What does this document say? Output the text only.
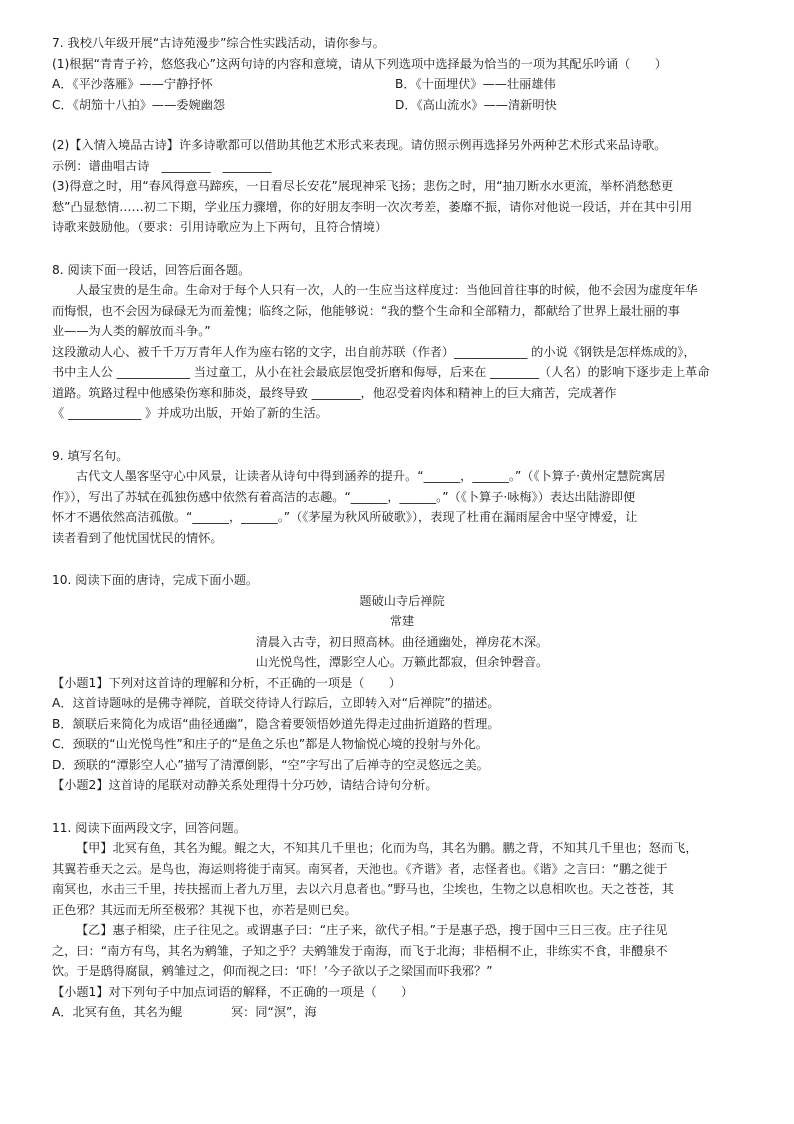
7. 我校八年级开展“古诗苑漫步”综合性实践活动，请你参与。
(1)根据“青青子衿，悠悠我心”这两句诗的内容和意境，请从下列选项中选择最为恰当的一项为其配乐吟诵（　　）
A．《平沙落雁》——宁静抒怀	B．《十面埋伏》——壮丽雄伟
C．《胡笳十八拍》——委婉幽怨	D．《高山流水》——清新明快
(2)【入情入境品古诗】许多诗歌都可以借助其他艺术形式来表现。请仿照示例再选择另外两种艺术形式来品诗歌。
示例：谱曲唱古诗　________　________
(3)得意之时，用“春风得意马蹄疾，一日看尽长安花”展现神采飞扬；悲伤之时，用“抽刀断水水更流，举杯消愁愁更
愁”凸显愁情……初二下期，学业压力骤增，你的好朋友李明一次次考差，萎靡不振，请你对他说一段话，并在其中引用
诗歌来鼓励他。（要求：引用诗歌应为上下两句，且符合情境）
8. 阅读下面一段话，回答后面各题。
人最宝贵的是生命。生命对于每个人只有一次，人的一生应当这样度过：当他回首往事的时候，他不会因为虚度年华
而悔恨，也不会因为碌碌无为而羞愧；临终之际，他能够说：“我的整个生命和全部精力，都献给了世界上最壮丽的事
业——为人类的解放而斗争。”
这段激动人心、被千千万万青年人作为座右铭的文字，出自前苏联（作者）____________ 的小说《钢铁是怎样炼成的》，
书中主人公 ____________ 当过童工，从小在社会最底层饱受折磨和侮辱，后来在 ________（人名）的影响下逐步走上革命
道路。筑路过程中他感染伤寒和肺炎，最终导致 ________，他忍受着肉体和精神上的巨大痛苦，完成著作
《 ____________ 》并成功出版，开始了新的生活。
9. 填写名句。
古代文人墨客坚守心中风景，让读者从诗句中得到涵养的提升。“______，______。”（《卜算子·黄州定慧院寓居
作》），写出了苏轼在孤独伤感中依然有着高洁的志趣。“______，______。”（《卜算子·咏梅》）表达出陆游即便
怀才不遇依然高洁孤傲。“______，______。”（《茅屋为秋风所破歌》），表现了杜甫在漏雨屋舍中坚守博爱，让
读者看到了他忧国忧民的情怀。
10. 阅读下面的唐诗，完成下面小题。
题破山寺后禅院
常建
清晨入古寺，初日照高林。曲径通幽处，禅房花木深。
山光悦鸟性，潭影空人心。万籁此都寂，但余钟磬音。
【小题1】下列对这首诗的理解和分析，不正确的一项是（　　）
A．这首诗题咏的是佛寺禅院，首联交待诗人行踪后，立即转入对“后禅院”的描述。
B．颔联后来简化为成语“曲径通幽”，隐含着要领悟妙道先得走过曲折道路的哲理。
C．颈联的“山光悦鸟性”和庄子的“是鱼之乐也”都是人物愉悦心境的投射与外化。
D．颈联的“潭影空人心”描写了清潭倒影，“空”字写出了后禅寺的空灵悠远之美。
【小题2】这首诗的尾联对动静关系处理得十分巧妙，请结合诗句分析。
11. 阅读下面两段文字，回答问题。
【甲】北冥有鱼，其名为鲲。鲲之大，不知其几千里也；化而为鸟，其名为鹏。鹏之背，不知其几千里也；怒而飞，
其翼若垂天之云。是鸟也，海运则将徙于南冥。南冥者，天池也。《齐谐》者，志怪者也。《谐》之言曰：“鹏之徙于
南冥也，水击三千里，抟扶摇而上者九万里，去以六月息者也。”野马也，尘埃也，生物之以息相吹也。天之苍苍，其
正色邪？其远而无所至极邪？其视下也，亦若是则已矣。
【乙】惠子相梁，庄子往见之。或谓惠子曰：“庄子来，欲代子相。”于是惠子恐，搜于国中三日三夜。庄子往见
之，曰：“南方有鸟，其名为鹓雏，子知之乎？夫鹓雏发于南海，而飞于北海；非梧桐不止，非练实不食，非醴泉不
饮。于是鸱得腐鼠，鹓雏过之，仰而视之曰：‘吓！’今子欲以子之梁国而吓我邪？”
【小题1】对下列句子中加点词语的解释，不正确的一项是（　　）
A．北冥有鱼，其名为鲲　　　　冥：同“溟”，海
